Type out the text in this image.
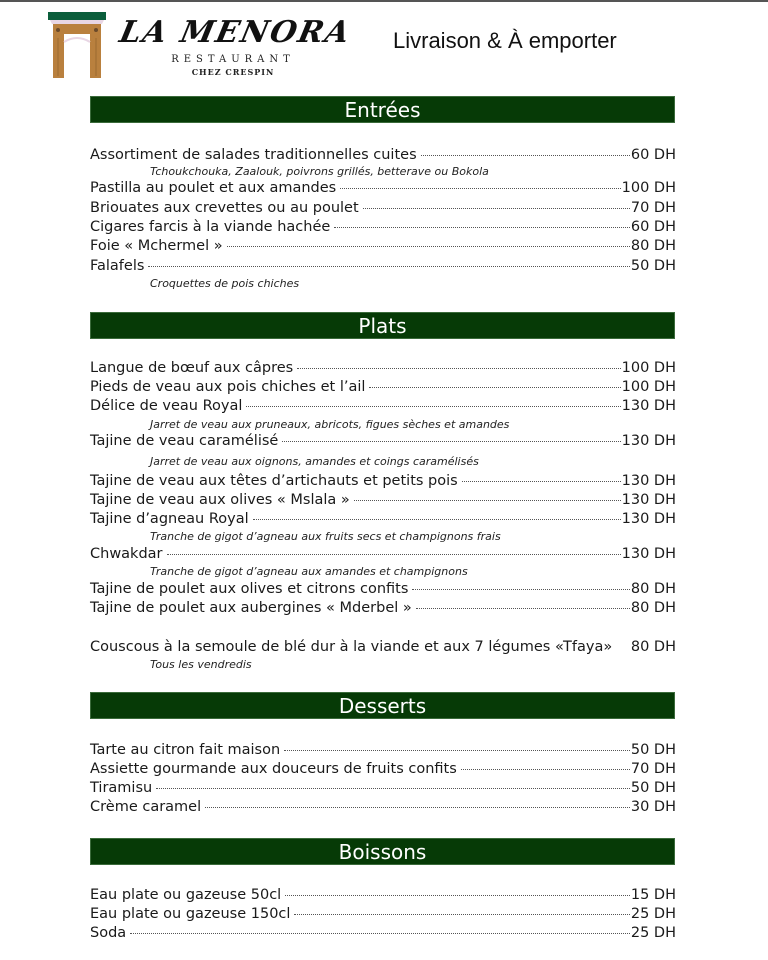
LA MENORA
RESTAURANT
CHEZ CRESPIN
Livraison & À emporter
Entrées
Assortiment de salades traditionnelles cuites	60 DH
Tchoukchouka, Zaalouk, poivrons grillés, betterave ou Bokola
Pastilla au poulet et aux amandes	100 DH
Briouates aux crevettes ou au poulet	70 DH
Cigares farcis à la viande hachée	60 DH
Foie « Mchermel »	80 DH
Falafels	50 DH
Croquettes de pois chiches
Plats
Langue de bœuf aux câpres	100 DH
Pieds de veau aux pois chiches et l’ail	100 DH
Délice de veau Royal	130 DH
Jarret de veau aux pruneaux, abricots, figues sèches et amandes
Tajine de veau caramélisé	130 DH
Jarret de veau aux oignons, amandes et coings caramélisés
Tajine de veau aux têtes d’artichauts et petits pois	130 DH
Tajine de veau aux olives « Mslala »	130 DH
Tajine d’agneau Royal	130 DH
Tranche de gigot d’agneau aux fruits secs et champignons frais
Chwakdar	130 DH
Tranche de gigot d’agneau aux amandes et champignons
Tajine de poulet aux olives et citrons confits	80 DH
Tajine de poulet aux aubergines « Mderbel »	80 DH
Couscous à la semoule de blé dur à la viande et aux 7 légumes «Tfaya» 80 DH
Tous les vendredis
Desserts
Tarte au citron fait maison	50 DH
Assiette gourmande aux douceurs de fruits confits	70 DH
Tiramisu	50 DH
Crème caramel	30 DH
Boissons
Eau plate ou gazeuse 50cl	15 DH
Eau plate ou gazeuse 150cl	25 DH
Soda	25 DH
